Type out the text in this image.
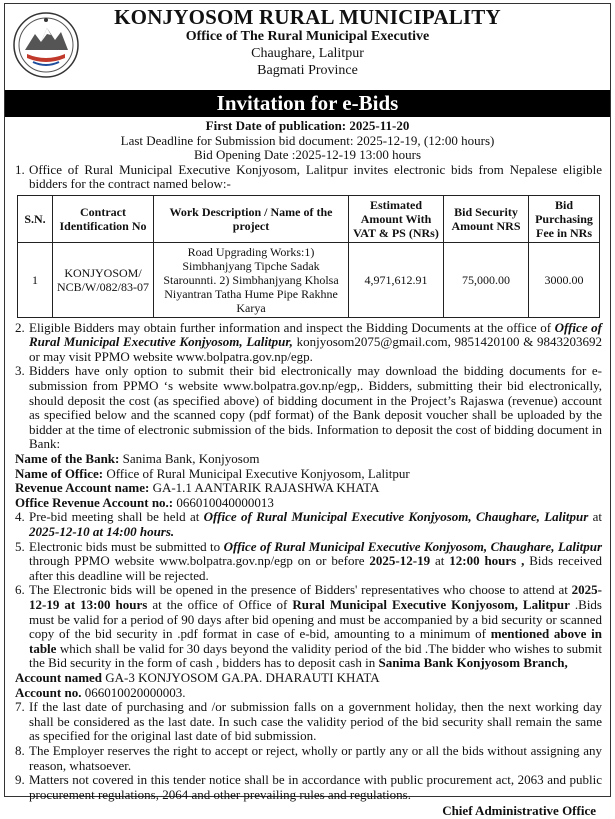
KONJYOSOM RURAL MUNICIPALITY
Office of The Rural Municipal Executive
Chaughare, Lalitpur
Bagmati Province
Invitation for e-Bids
First Date of publication: 2025-11-20
Last Deadline for Submission bid document: 2025-12-19, (12:00 hours)
Bid Opening Date :2025-12-19 13:00 hours
1. Office of Rural Municipal Executive Konjyosom, Lalitpur invites electronic bids from Nepalese eligible bidders for the contract named below:-
S.N.	Contract Identification No	Work Description / Name of the project	Estimated Amount With VAT & PS (NRs)	Bid Security Amount NRS	Bid Purchasing Fee in NRs
1	KONJYOSOM/ NCB/W/082/83-07	Road Upgrading Works:1) Simbhanjyang Tipche Sadak Starounnti. 2) Simbhanjyang Kholsa Niyantran Tatha Hume Pipe Rakhne Karya	4,971,612.91	75,000.00	3000.00
2. Eligible Bidders may obtain further information and inspect the Bidding Documents at the office of Office of Rural Municipal Executive Konjyosom, Lalitpur, konjyosom2075@gmail.com, 9851420100 & 9843203692 or may visit PPMO website www.bolpatra.gov.np/egp.
3. Bidders have only option to submit their bid electronically may download the bidding documents for e-submission from PPMO ‘s website www.bolpatra.gov.np/egp,. Bidders, submitting their bid electronically, should deposit the cost (as specified above) of bidding document in the Project’s Rajaswa (revenue) account as specified below and the scanned copy (pdf format) of the Bank deposit voucher shall be uploaded by the bidder at the time of electronic submission of the bids. Information to deposit the cost of bidding document in Bank:
Name of the Bank: Sanima Bank, Konjyosom
Name of Office: Office of Rural Municipal Executive Konjyosom, Lalitpur
Revenue Account name: GA-1.1 AANTARIK RAJASHWA KHATA
Office Revenue Account no.: 066010040000013
4. Pre-bid meeting shall be held at Office of Rural Municipal Executive Konjyosom, Chaughare, Lalitpur at 2025-12-10 at 14:00 hours.
5. Electronic bids must be submitted to Office of Rural Municipal Executive Konjyosom, Chaughare, Lalitpur through PPMO website www.bolpatra.gov.np/egp on or before 2025-12-19 at 12:00 hours , Bids received after this deadline will be rejected.
6. The Electronic bids will be opened in the presence of Bidders' representatives who choose to attend at 2025-12-19 at 13:00 hours at the office of Office of Rural Municipal Executive Konjyosom, Lalitpur .Bids must be valid for a period of 90 days after bid opening and must be accompanied by a bid security or scanned copy of the bid security in .pdf format in case of e-bid, amounting to a minimum of mentioned above in table which shall be valid for 30 days beyond the validity period of the bid .The bidder who wishes to submit the Bid security in the form of cash , bidders has to deposit cash in Sanima Bank Konjyosom Branch,
Account named GA-3 KONJYOSOM GA.PA. DHARAUTI KHATA
Account no. 066010020000003.
7. If the last date of purchasing and /or submission falls on a government holiday, then the next working day shall be considered as the last date. In such case the validity period of the bid security shall remain the same as specified for the original last date of bid submission.
8. The Employer reserves the right to accept or reject, wholly or partly any or all the bids without assigning any reason, whatsoever.
9. Matters not covered in this tender notice shall be in accordance with public procurement act, 2063 and public procurement regulations, 2064 and other prevailing rules and regulations.
Chief Administrative Office
